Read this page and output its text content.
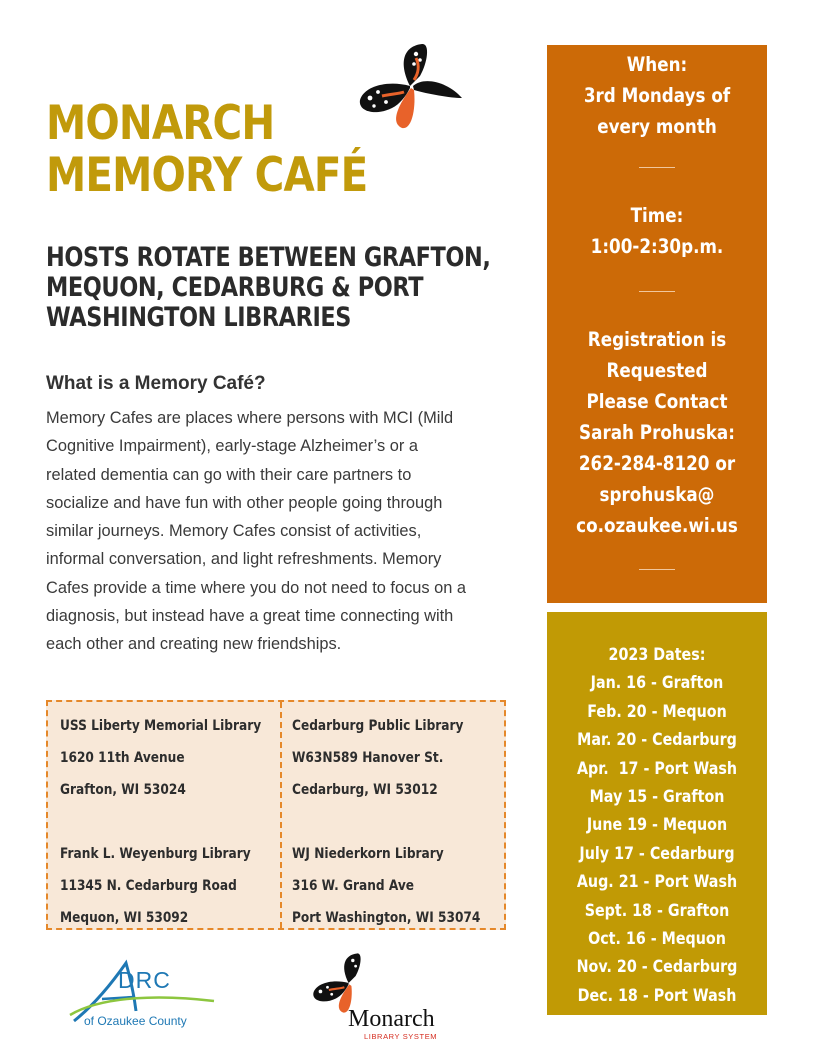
MONARCH
MEMORY CAFÉ
HOSTS ROTATE BETWEEN GRAFTON,
MEQUON, CEDARBURG & PORT
WASHINGTON LIBRARIES
What is a Memory Café?
Memory Cafes are places where persons with MCI (Mild
Cognitive Impairment), early-stage Alzheimer’s or a
related dementia can go with their care partners to
socialize and have fun with other people going through
similar journeys. Memory Cafes consist of activities,
informal conversation, and light refreshments. Memory
Cafes provide a time where you do not need to focus on a
diagnosis, but instead have a great time connecting with
each other and creating new friendships.
USS Liberty Memorial Library
1620 11th Avenue
Grafton, WI 53024
Frank L. Weyenburg Library
11345 N. Cedarburg Road
Mequon, WI 53092
Cedarburg Public Library
W63N589 Hanover St.
Cedarburg, WI 53012
WJ Niederkorn Library
316 W. Grand Ave
Port Washington, WI 53074
When:
3rd Mondays of
every month
Time:
1:00-2:30p.m.
Registration is
Requested
Please Contact
Sarah Prohuska:
262-284-8120 or
sprohuska@
co.ozaukee.wi.us
2023 Dates:
Jan. 16 - Grafton
Feb. 20 - Mequon
Mar. 20 - Cedarburg
Apr.  17 - Port Wash
May 15 - Grafton
June 19 - Mequon
July 17 - Cedarburg
Aug. 21 - Port Wash
Sept. 18 - Grafton
Oct. 16 - Mequon
Nov. 20 - Cedarburg
Dec. 18 - Port Wash
DRC
of Ozaukee County	Monarch
LIBRARY SYSTEM
